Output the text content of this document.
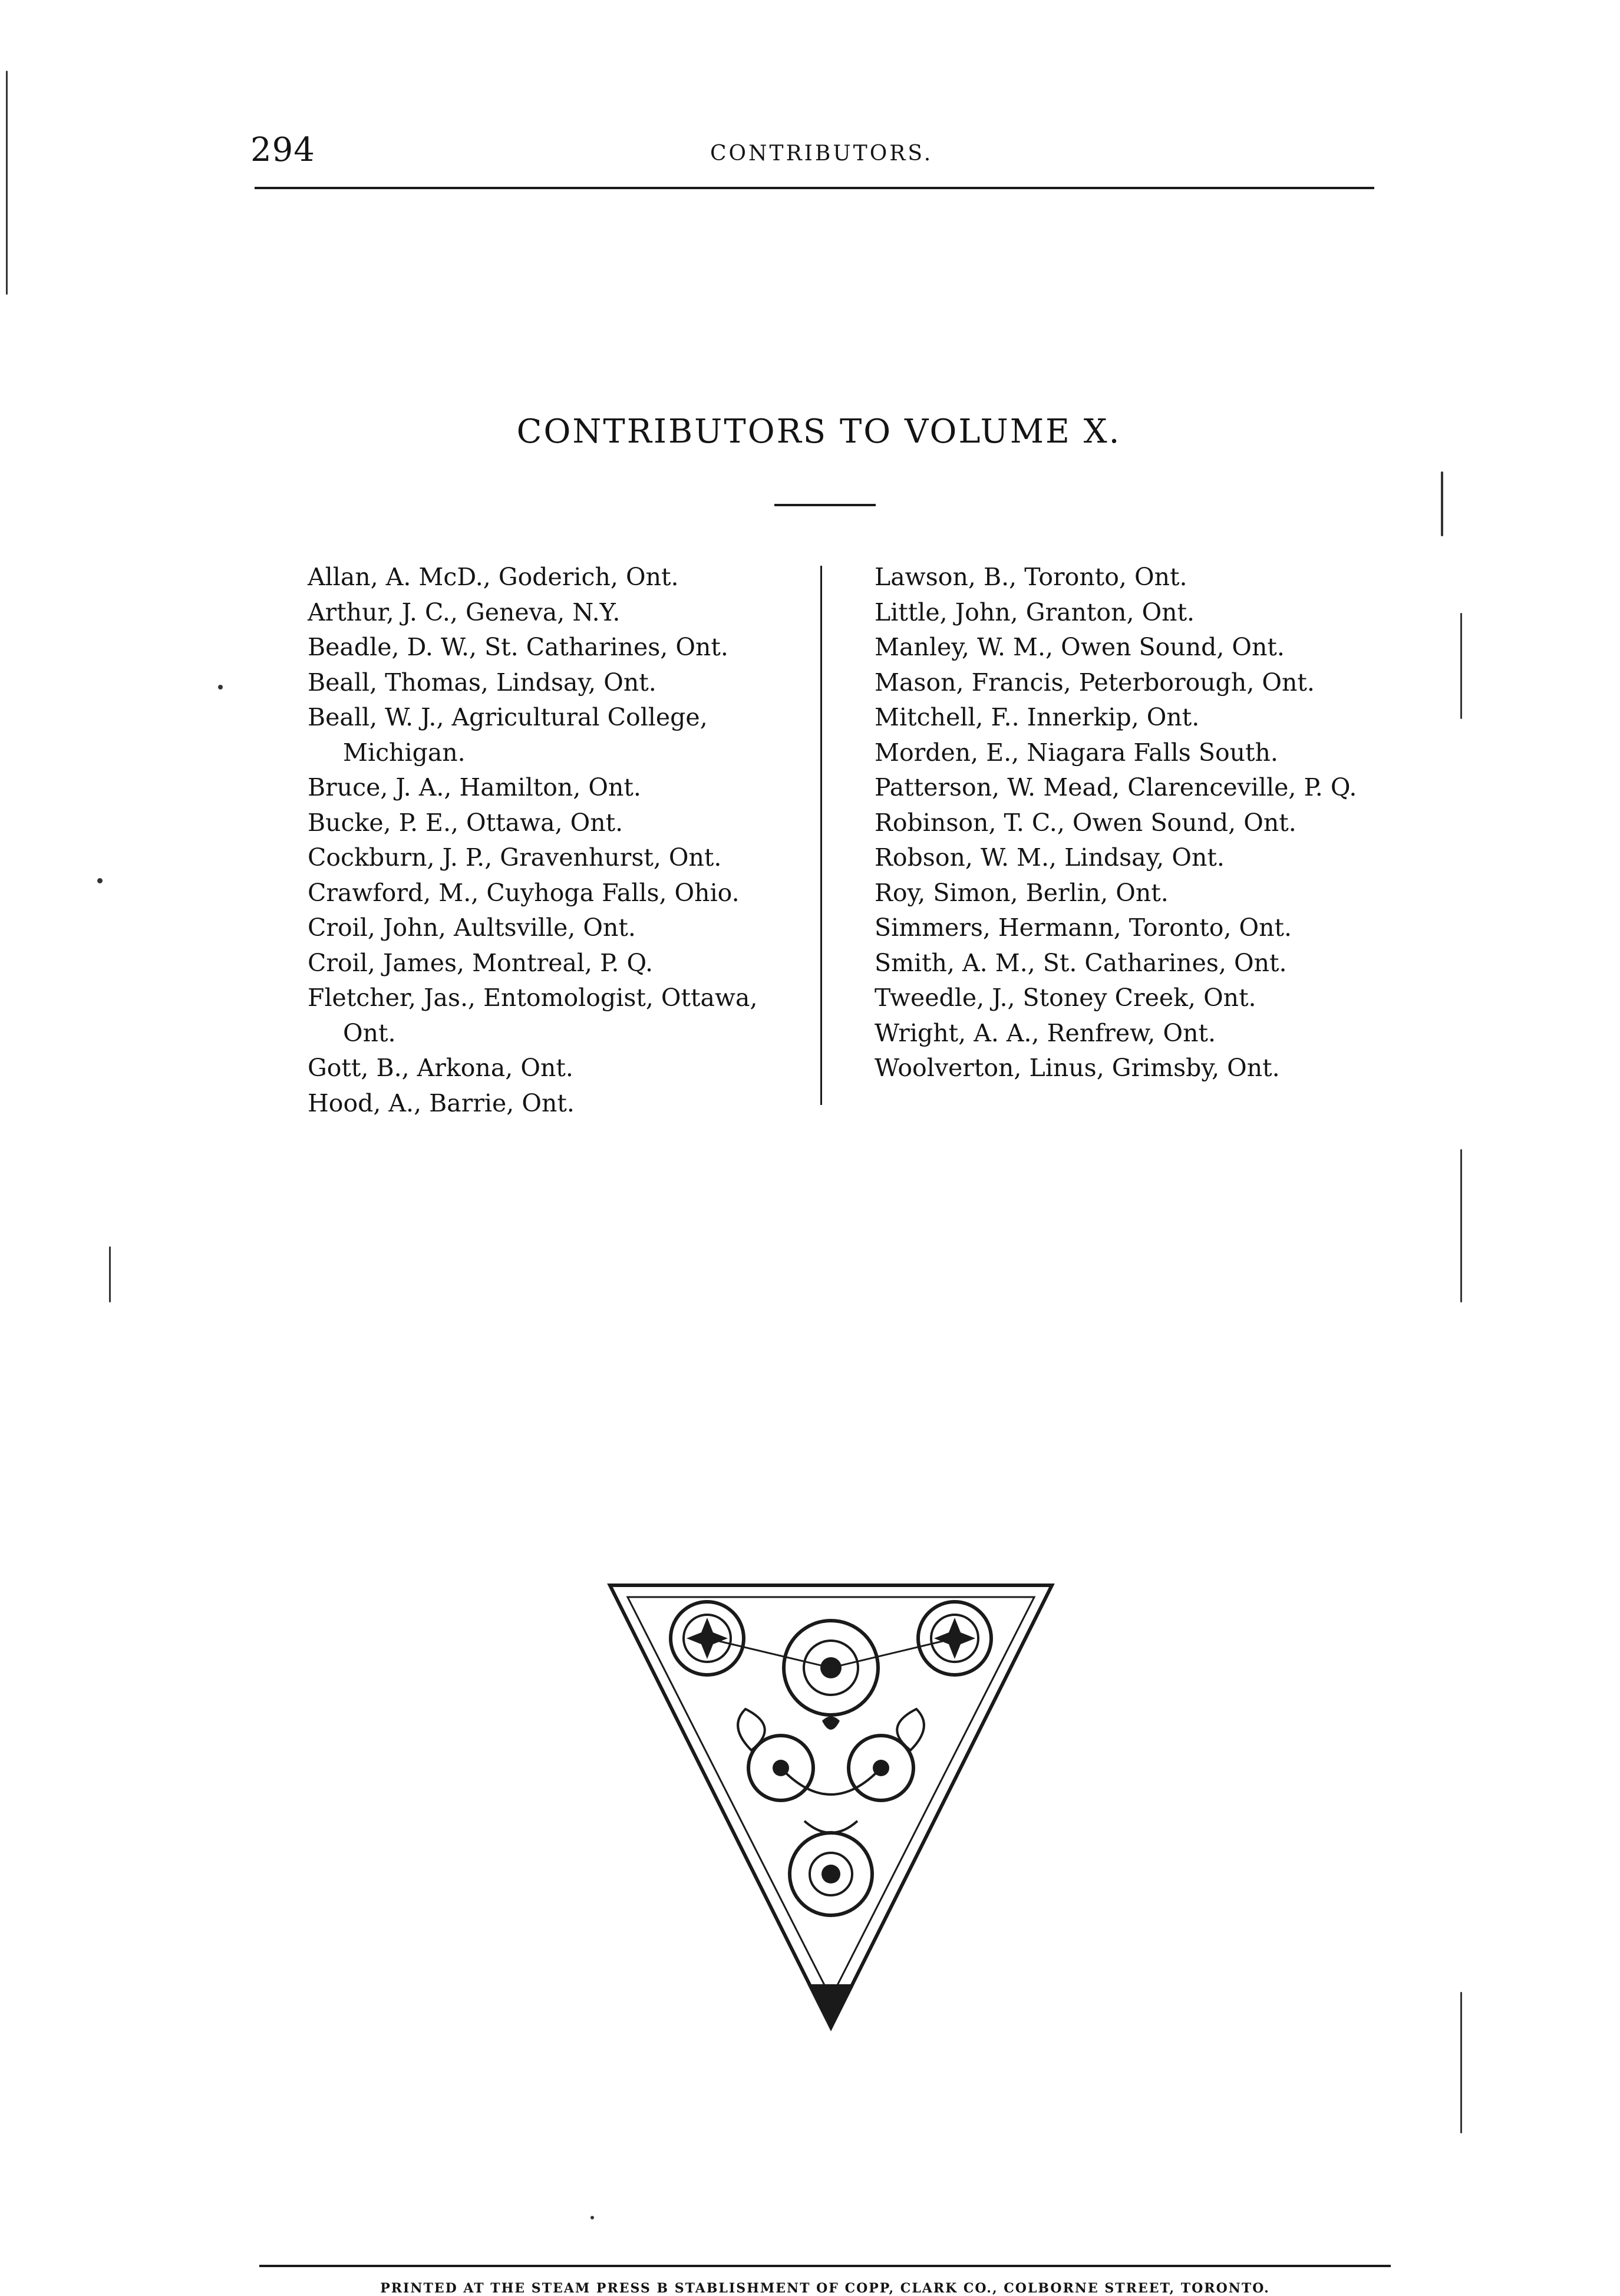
294	CONTRIBUTORS.
CONTRIBUTORS TO VOLUME X.
Allan, A. McD., Goderich, Ont.
Arthur, J. C., Geneva, N.Y.
Beadle, D. W., St. Catharines, Ont.
Beall, Thomas, Lindsay, Ont.
Beall, W. J., Agricultural College,
Michigan.
Bruce, J. A., Hamilton, Ont.
Bucke, P. E., Ottawa, Ont.
Cockburn, J. P., Gravenhurst, Ont.
Crawford, M., Cuyhoga Falls, Ohio.
Croil, John, Aultsville, Ont.
Croil, James, Montreal, P. Q.
Fletcher, Jas., Entomologist, Ottawa,
Ont.
Gott, B., Arkona, Ont.
Hood, A., Barrie, Ont.
Lawson, B., Toronto, Ont.
Little, John, Granton, Ont.
Manley, W. M., Owen Sound, Ont.
Mason, Francis, Peterborough, Ont.
Mitchell, F.. Innerkip, Ont.
Morden, E., Niagara Falls South.
Patterson, W. Mead, Clarenceville, P. Q.
Robinson, T. C., Owen Sound, Ont.
Robson, W. M., Lindsay, Ont.
Roy, Simon, Berlin, Ont.
Simmers, Hermann, Toronto, Ont.
Smith, A. M., St. Catharines, Ont.
Tweedle, J., Stoney Creek, Ont.
Wright, A. A., Renfrew, Ont.
Woolverton, Linus, Grimsby, Ont.
PRINTED AT THE STEAM PRESS B STABLISHMENT OF COPP, CLARK CO., COLBORNE STREET, TORONTO.
